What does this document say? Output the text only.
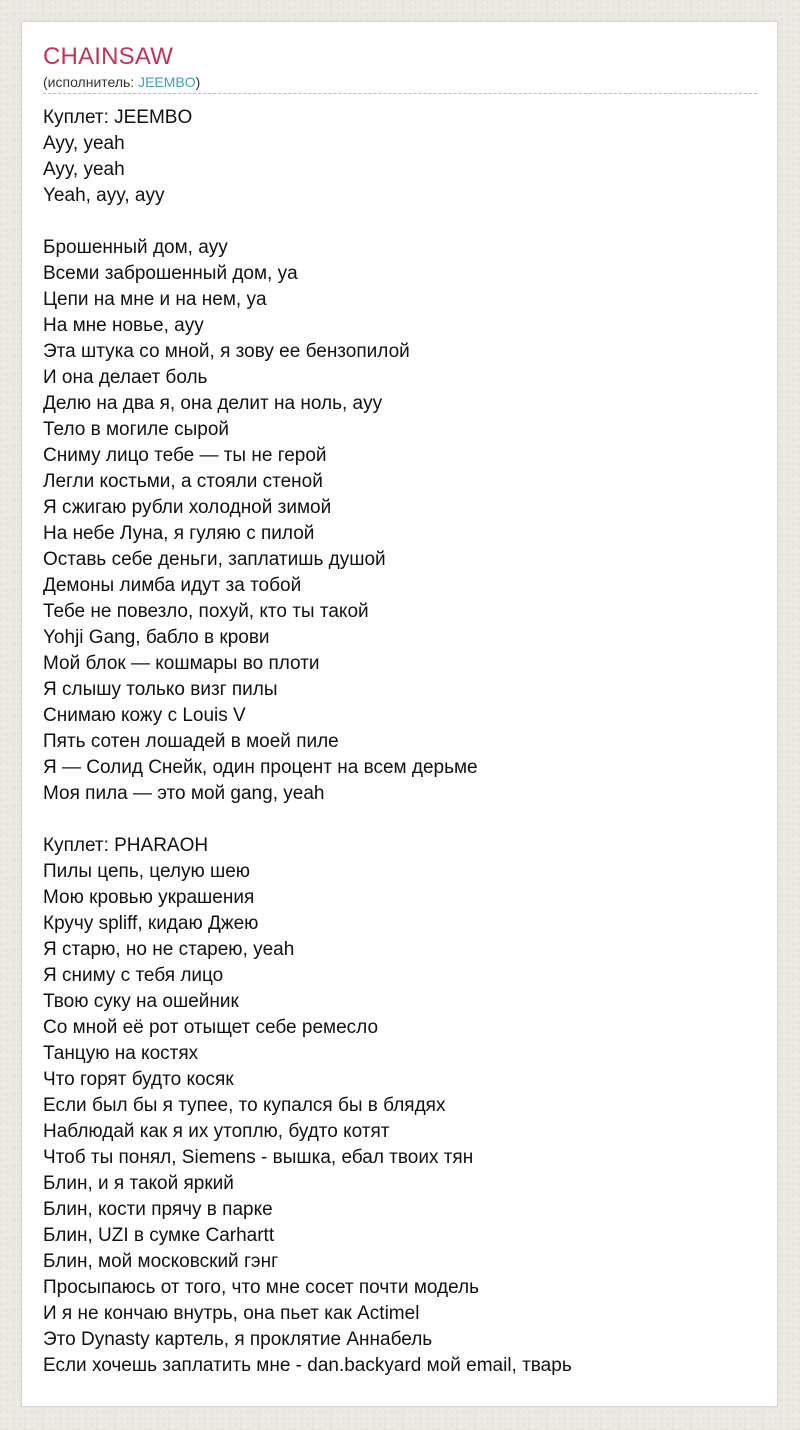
CHAINSAW
(исполнитель: JEEMBO)
Куплет: JEEMBO
Ayy, yeah
Ayy, yeah
Yeah, ayy, ayy
Брошенный дом, ayy
Всеми заброшенный дом, ya
Цепи на мне и на нем, ya
На мне новье, ayy
Эта штука со мной, я зову ее бензопилой
И она делает боль
Делю на два я, она делит на ноль, ayy
Тело в могиле сырой
Сниму лицо тебе — ты не герой
Легли костьми, а стояли стеной
Я сжигаю рубли холодной зимой
На небе Луна, я гуляю с пилой
Оставь себе деньги, заплатишь душой
Демоны лимба идут за тобой
Тебе не повезло, похуй, кто ты такой
Yohji Gang, бабло в крови
Мой блок — кошмары во плоти
Я слышу только визг пилы
Снимаю кожу с Louis V
Пять сотен лошадей в моей пиле
Я — Солид Снейк, один процент на всем дерьме
Моя пила — это мой gang, yeah
Куплет: PHARAOH
Пилы цепь, целую шею
Мою кровью украшения
Кручу spliff, кидаю Джею
Я старю, но не старею, yeah
Я сниму с тебя лицо
Твою суку на ошейник
Со мной её рот отыщет себе ремесло
Танцую на костях
Что горят будто косяк
Если был бы я тупее, то купался бы в блядях
Наблюдай как я их утоплю, будто котят
Чтоб ты понял, Siemens - вышка, ебал твоих тян
Блин, и я такой яркий
Блин, кости прячу в парке
Блин, UZI в сумке Carhartt
Блин, мой московский гэнг
Просыпаюсь от того, что мне сосет почти модель
И я не кончаю внутрь, она пьет как Actimel
Это Dynasty картель, я проклятие Аннабель
Если хочешь заплатить мне - dan.backyard мой email, тварь
